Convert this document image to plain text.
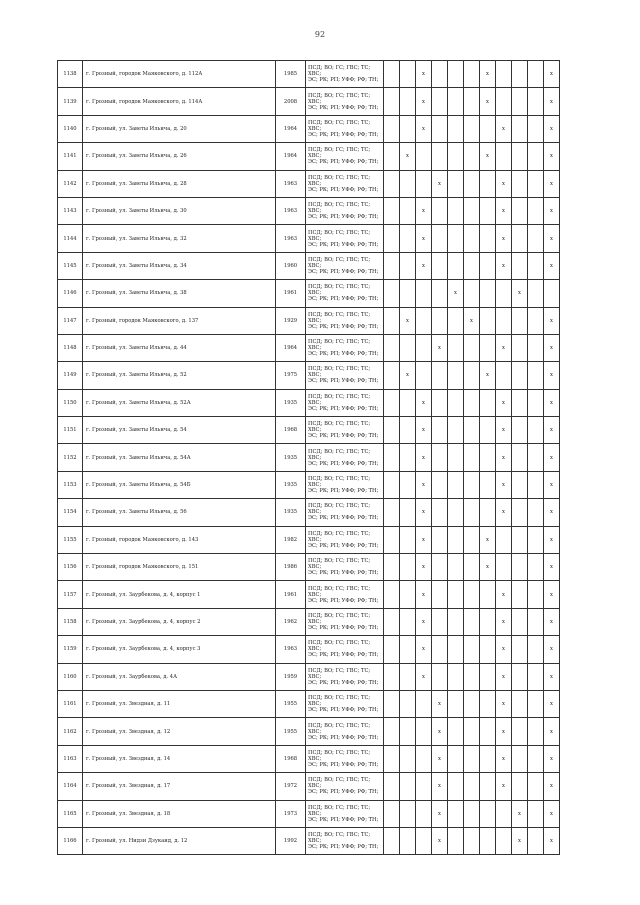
92
1138	г. Грозный, городок Маяковского, д. 112А	1985	ПСД; ВО; ГС; ГВС; ТС; ХВС;
ЭС; РК; РП; УФФ; РФ; ТН;			x				x				x
1139	г. Грозный, городок Маяковского, д. 114А	2008	ПСД; ВО; ГС; ГВС; ТС; ХВС;
ЭС; РК; РП; УФФ; РФ; ТН;			x				x				x
1140	г. Грозный, ул. Заветы Ильича, д. 20	1964	ПСД; ВО; ГС; ГВС; ТС; ХВС;
ЭС; РК; РП; УФФ; РФ; ТН;			x					x			x
1141	г. Грозный, ул. Заветы Ильича, д. 26	1964	ПСД; ВО; ГС; ГВС; ТС; ХВС;
ЭС; РК; РП; УФФ; РФ; ТН;		x					x				x
1142	г. Грозный, ул. Заветы Ильича, д. 28	1963	ПСД; ВО; ГС; ГВС; ТС; ХВС;
ЭС; РК; РП; УФФ; РФ; ТН;				x				x			x
1143	г. Грозный, ул. Заветы Ильича, д. 30	1963	ПСД; ВО; ГС; ГВС; ТС; ХВС;
ЭС; РК; РП; УФФ; РФ; ТН;			x					x			x
1144	г. Грозный, ул. Заветы Ильича, д. 32	1963	ПСД; ВО; ГС; ГВС; ТС; ХВС;
ЭС; РК; РП; УФФ; РФ; ТН;			x					x			x
1145	г. Грозный, ул. Заветы Ильича, д. 34	1960	ПСД; ВО; ГС; ГВС; ТС; ХВС;
ЭС; РК; РП; УФФ; РФ; ТН;			x					x			x
1146	г. Грозный, ул. Заветы Ильича, д. 38	1961	ПСД; ВО; ГС; ГВС; ТС; ХВС;
ЭС; РК; РП; УФФ; РФ; ТН;					x				x		
1147	г. Грозный, городок Маяковского, д. 137	1929	ПСД; ВО; ГС; ГВС; ТС; ХВС;
ЭС; РК; РП; УФФ; РФ; ТН;		x				x					x
1148	г. Грозный, ул. Заветы Ильича, д. 44	1964	ПСД; ВО; ГС; ГВС; ТС; ХВС;
ЭС; РК; РП; УФФ; РФ; ТН;				x				x			x
1149	г. Грозный, ул. Заветы Ильича, д. 52	1975	ПСД; ВО; ГС; ГВС; ТС; ХВС;
ЭС; РК; РП; УФФ; РФ; ТН;		x					x				x
1150	г. Грозный, ул. Заветы Ильича, д. 52А	1935	ПСД; ВО; ГС; ГВС; ТС; ХВС;
ЭС; РК; РП; УФФ; РФ; ТН;			x					x			x
1151	г. Грозный, ул. Заветы Ильича, д. 54	1968	ПСД; ВО; ГС; ГВС; ТС; ХВС;
ЭС; РК; РП; УФФ; РФ; ТН;			x					x			x
1152	г. Грозный, ул. Заветы Ильича, д. 54А	1935	ПСД; ВО; ГС; ГВС; ТС; ХВС;
ЭС; РК; РП; УФФ; РФ; ТН;			x					x			x
1153	г. Грозный, ул. Заветы Ильича, д. 54Б	1935	ПСД; ВО; ГС; ГВС; ТС; ХВС;
ЭС; РК; РП; УФФ; РФ; ТН;			x					x			x
1154	г. Грозный, ул. Заветы Ильича, д. 56	1935	ПСД; ВО; ГС; ГВС; ТС; ХВС;
ЭС; РК; РП; УФФ; РФ; ТН;			x					x			x
1155	г. Грозный, городок Маяковского, д. 143	1982	ПСД; ВО; ГС; ГВС; ТС; ХВС;
ЭС; РК; РП; УФФ; РФ; ТН;			x				x				x
1156	г. Грозный, городок Маяковского, д. 151	1986	ПСД; ВО; ГС; ГВС; ТС; ХВС;
ЭС; РК; РП; УФФ; РФ; ТН;			x				x				x
1157	г. Грозный, ул. Заурбекова, д. 4, корпус 1	1961	ПСД; ВО; ГС; ГВС; ТС; ХВС;
ЭС; РК; РП; УФФ; РФ; ТН;			x					x			x
1158	г. Грозный, ул. Заурбекова, д. 4, корпус 2	1962	ПСД; ВО; ГС; ГВС; ТС; ХВС;
ЭС; РК; РП; УФФ; РФ; ТН;			x					x			x
1159	г. Грозный, ул. Заурбекова, д. 4, корпус 3	1963	ПСД; ВО; ГС; ГВС; ТС; ХВС;
ЭС; РК; РП; УФФ; РФ; ТН;			x					x			x
1160	г. Грозный, ул. Заурбекова, д. 4А	1959	ПСД; ВО; ГС; ГВС; ТС; ХВС;
ЭС; РК; РП; УФФ; РФ; ТН;			x					x			x
1161	г. Грозный, ул. Звездная, д. 11	1955	ПСД; ВО; ГС; ГВС; ТС; ХВС;
ЭС; РК; РП; УФФ; РФ; ТН;				x				x			x
1162	г. Грозный, ул. Звездная, д. 12	1955	ПСД; ВО; ГС; ГВС; ТС; ХВС;
ЭС; РК; РП; УФФ; РФ; ТН;				x				x			x
1163	г. Грозный, ул. Звездная, д. 14	1968	ПСД; ВО; ГС; ГВС; ТС; ХВС;
ЭС; РК; РП; УФФ; РФ; ТН;				x				x			x
1164	г. Грозный, ул. Звездная, д. 17	1972	ПСД; ВО; ГС; ГВС; ТС; ХВС;
ЭС; РК; РП; УФФ; РФ; ТН;				x				x			x
1165	г. Грозный, ул. Звездная, д. 18	1973	ПСД; ВО; ГС; ГВС; ТС; ХВС;
ЭС; РК; РП; УФФ; РФ; ТН;				x					x		x
1166	г. Грозный, ул. Нидзи Дзукаид, д. 12	1992	ПСД; ВО; ГС; ГВС; ТС; ХВС;
ЭС; РК; РП; УФФ; РФ; ТН;				x					x		x
